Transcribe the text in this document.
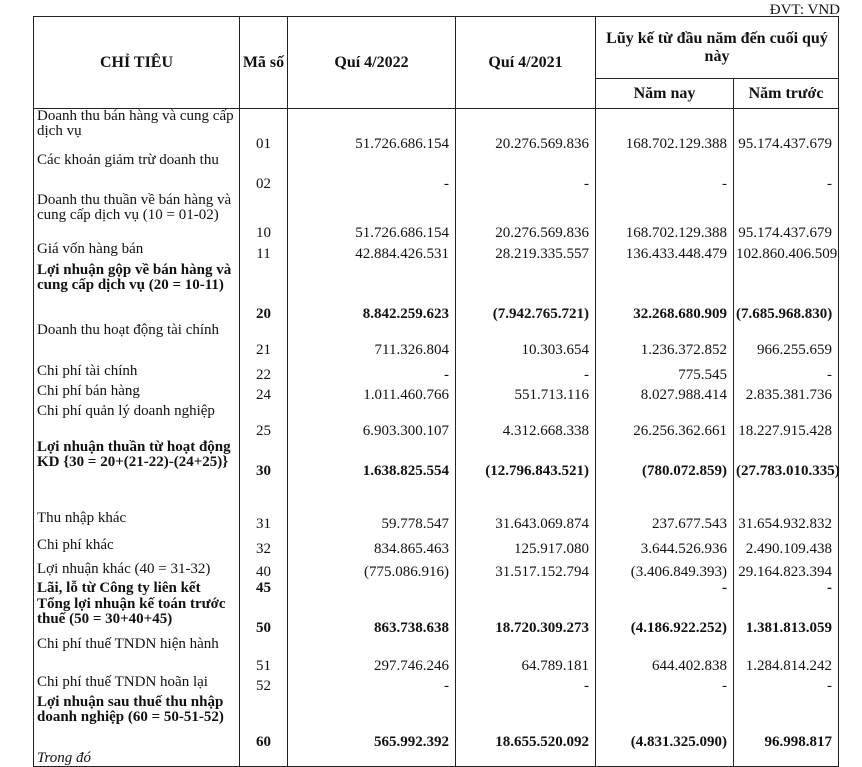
ĐVT: VND
CHỈ TIÊU	Mã số	Quí 4/2022	Quí 4/2021	Lũy kế từ đầu năm đến cuối quý này	
				Năm nay	Năm trước
Doanh thu bán hàng và cung cấp dịch vụ	01	51.726.686.154	20.276.569.836	168.702.129.388	95.174.437.679
Các khoản giảm trừ doanh thu	02	-	-	-	-
Doanh thu thuần về bán hàng và cung cấp dịch vụ (10 = 01-02)	10	51.726.686.154	20.276.569.836	168.702.129.388	95.174.437.679
Giá vốn hàng bán	11	42.884.426.531	28.219.335.557	136.433.448.479	102.860.406.509
Lợi nhuận gộp về bán hàng và cung cấp dịch vụ (20 = 10-11)	20	8.842.259.623	(7.942.765.721)	32.268.680.909	(7.685.968.830)
Doanh thu hoạt động tài chính	21	711.326.804	10.303.654	1.236.372.852	966.255.659
Chi phí tài chính	22	-	-	775.545	-
Chi phí bán hàng	24	1.011.460.766	551.713.116	8.027.988.414	2.835.381.736
Chi phí quản lý doanh nghiệp	25	6.903.300.107	4.312.668.338	26.256.362.661	18.227.915.428
Lợi nhuận thuần từ hoạt động KD {30 = 20+(21-22)-(24+25)}	30	1.638.825.554	(12.796.843.521)	(780.072.859)	(27.783.010.335)
Thu nhập khác	31	59.778.547	31.643.069.874	237.677.543	31.654.932.832
Chi phí khác	32	834.865.463	125.917.080	3.644.526.936	2.490.109.438
Lợi nhuận khác (40 = 31-32)	40	(775.086.916)	31.517.152.794	(3.406.849.393)	29.164.823.394
Lãi, lỗ từ Công ty liên kết	45			-	-
Tổng lợi nhuận kế toán trước thuế (50 = 30+40+45)	50	863.738.638	18.720.309.273	(4.186.922.252)	1.381.813.059
Chi phí thuế TNDN hiện hành	51	297.746.246	64.789.181	644.402.838	1.284.814.242
Chi phí thuế TNDN hoãn lại	52	-	-	-	-
Lợi nhuận sau thuế thu nhập doanh nghiệp (60 = 50-51-52)	60	565.992.392	18.655.520.092	(4.831.325.090)	96.998.817
Trong đó					
